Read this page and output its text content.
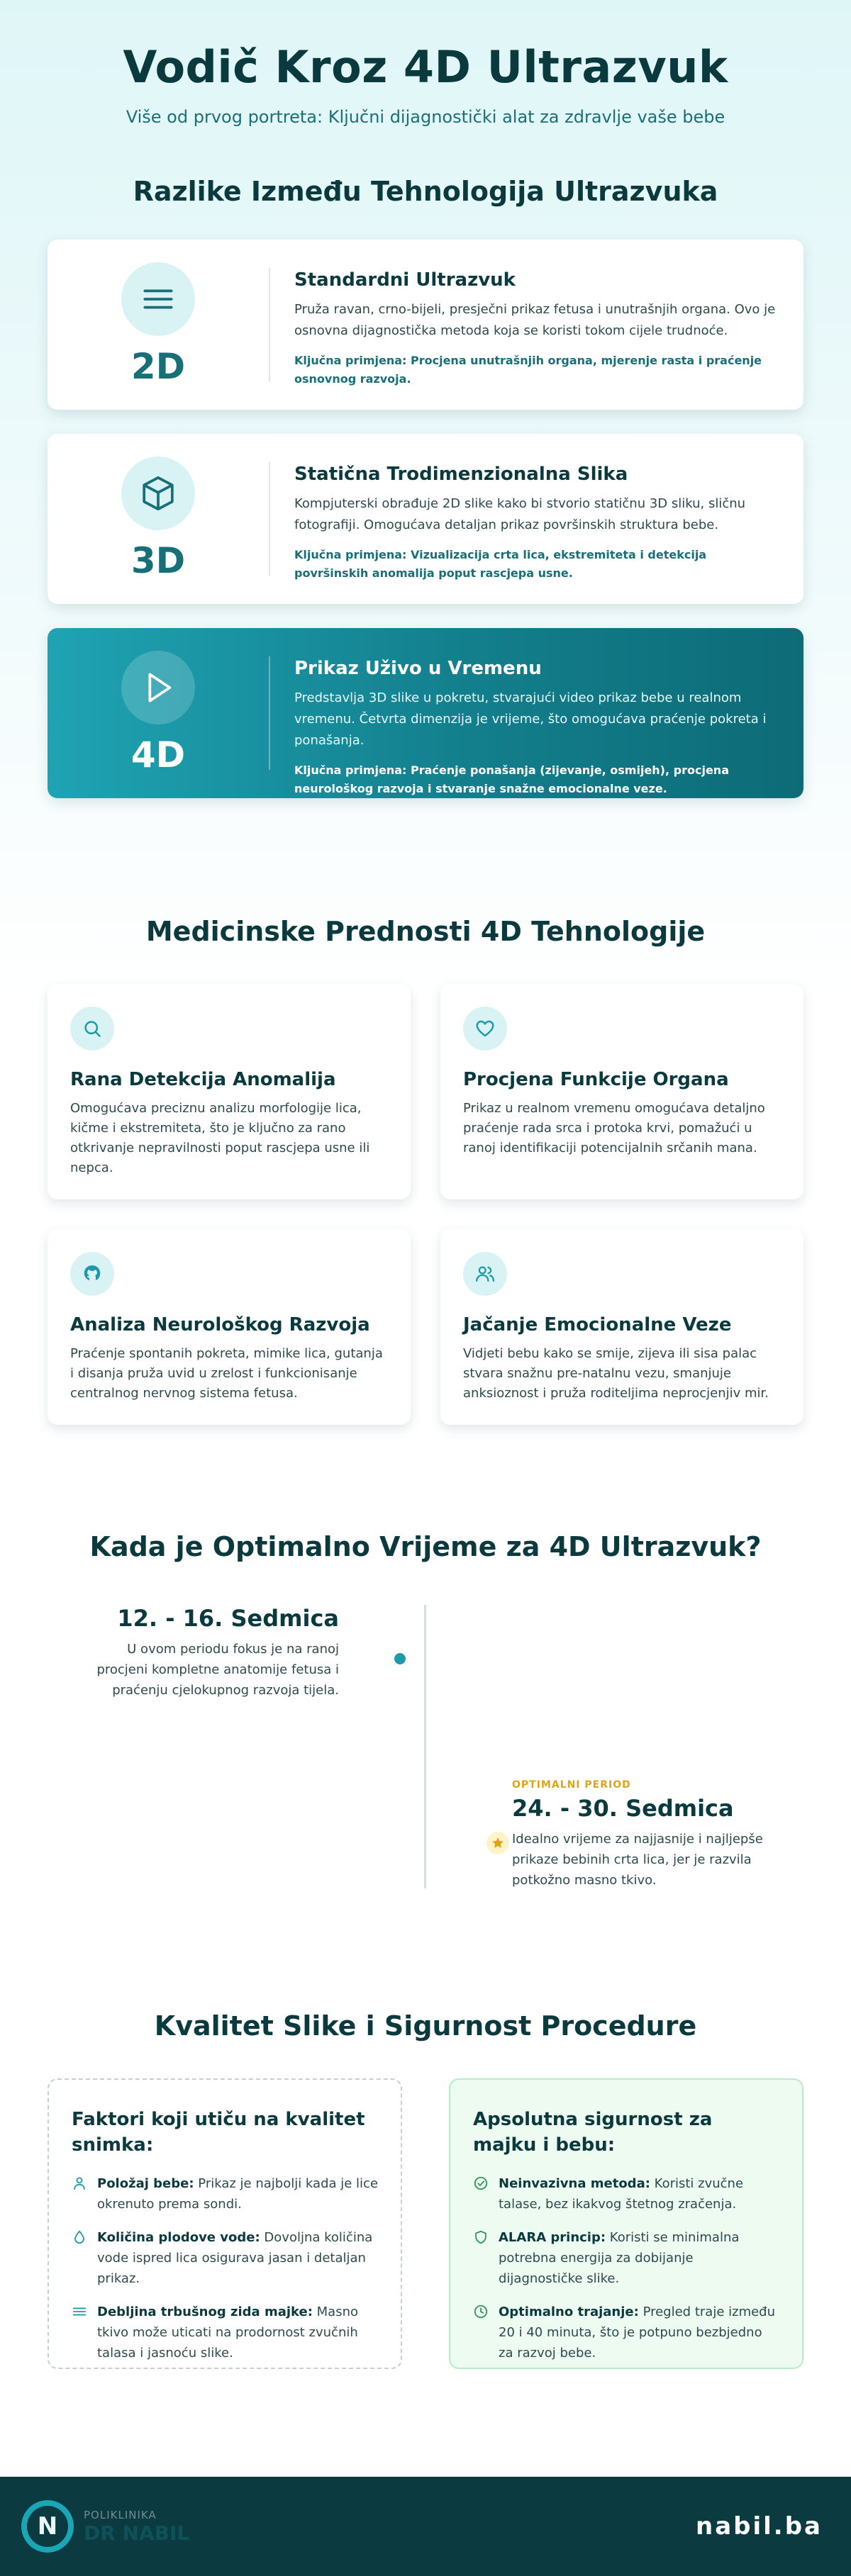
Vodič Kroz 4D Ultrazvuk

Više od prvog portreta: Ključni dijagnostički alat za zdravlje vaše bebe

Razlike Između Tehnologija Ultrazvuka
2D
Standardni Ultrazvuk

Pruža ravan, crno-bijeli, presječni prikaz fetusa i unutrašnjih organa. Ovo je osnovna dijagnostička metoda koja se koristi tokom cijele trudnoće.

Ključna primjena: Procjena unutrašnjih organa, mjerenje rasta i praćenje osnovnog razvoja.

3D
Statična Trodimenzionalna Slika

Kompjuterski obrađuje 2D slike kako bi stvorio statičnu 3D sliku, sličnu fotografiji. Omogućava detaljan prikaz površinskih struktura bebe.

Ključna primjena: Vizualizacija crta lica, ekstremiteta i detekcija površinskih anomalija poput rascjepa usne.

4D
Prikaz Uživo u Vremenu

Predstavlja 3D slike u pokretu, stvarajući video prikaz bebe u realnom vremenu. Četvrta dimenzija je vrijeme, što omogućava praćenje pokreta i ponašanja.

Ključna primjena: Praćenje ponašanja (zijevanje, osmijeh), procjena neurološkog razvoja i stvaranje snažne emocionalne veze.

Medicinske Prednosti 4D Tehnologije
Rana Detekcija Anomalija

Omogućava preciznu analizu morfologije lica, kičme i ekstremiteta, što je ključno za rano otkrivanje nepravilnosti poput rascjepa usne ili nepca.

Procjena Funkcije Organa

Prikaz u realnom vremenu omogućava detaljno praćenje rada srca i protoka krvi, pomažući u ranoj identifikaciji potencijalnih srčanih mana.

Analiza Neurološkog Razvoja

Praćenje spontanih pokreta, mimike lica, gutanja i disanja pruža uvid u zrelost i funkcionisanje centralnog nervnog sistema fetusa.

Jačanje Emocionalne Veze

Vidjeti bebu kako se smije, zijeva ili sisa palac stvara snažnu pre-natalnu vezu, smanjuje anksioznost i pruža roditeljima neprocjenjiv mir.

Kada je Optimalno Vrijeme za 4D Ultrazvuk?
12. - 16. Sedmica

U ovom periodu fokus je na ranoj procjeni kompletne anatomije fetusa i praćenju cjelokupnog razvoja tijela.

OPTIMALNI PERIOD
24. - 30. Sedmica

Idealno vrijeme za najjasnije i najljepše prikaze bebinih crta lica, jer je razvila potkožno masno tkivo.

Kvalitet Slike i Sigurnost Procedure
Faktori koji utiču na kvalitet snimka:

Položaj bebe: Prikaz je najbolji kada je lice okrenuto prema sondi.

Količina plodove vode: Dovoljna količina vode ispred lica osigurava jasan i detaljan prikaz.

Debljina trbušnog zida majke: Masno tkivo može uticati na prodornost zvučnih talasa i jasnoću slike.

Apsolutna sigurnost za majku i bebu:

Neinvazivna metoda: Koristi zvučne talase, bez ikakvog štetnog zračenja.

ALARA princip: Koristi se minimalna potrebna energija za dobijanje dijagnostičke slike.

Optimalno trajanje: Pregled traje između 20 i 40 minuta, što je potpuno bezbjedno za razvoj bebe.

N POLIKLINIKA
DR NABIL	nabil.ba
